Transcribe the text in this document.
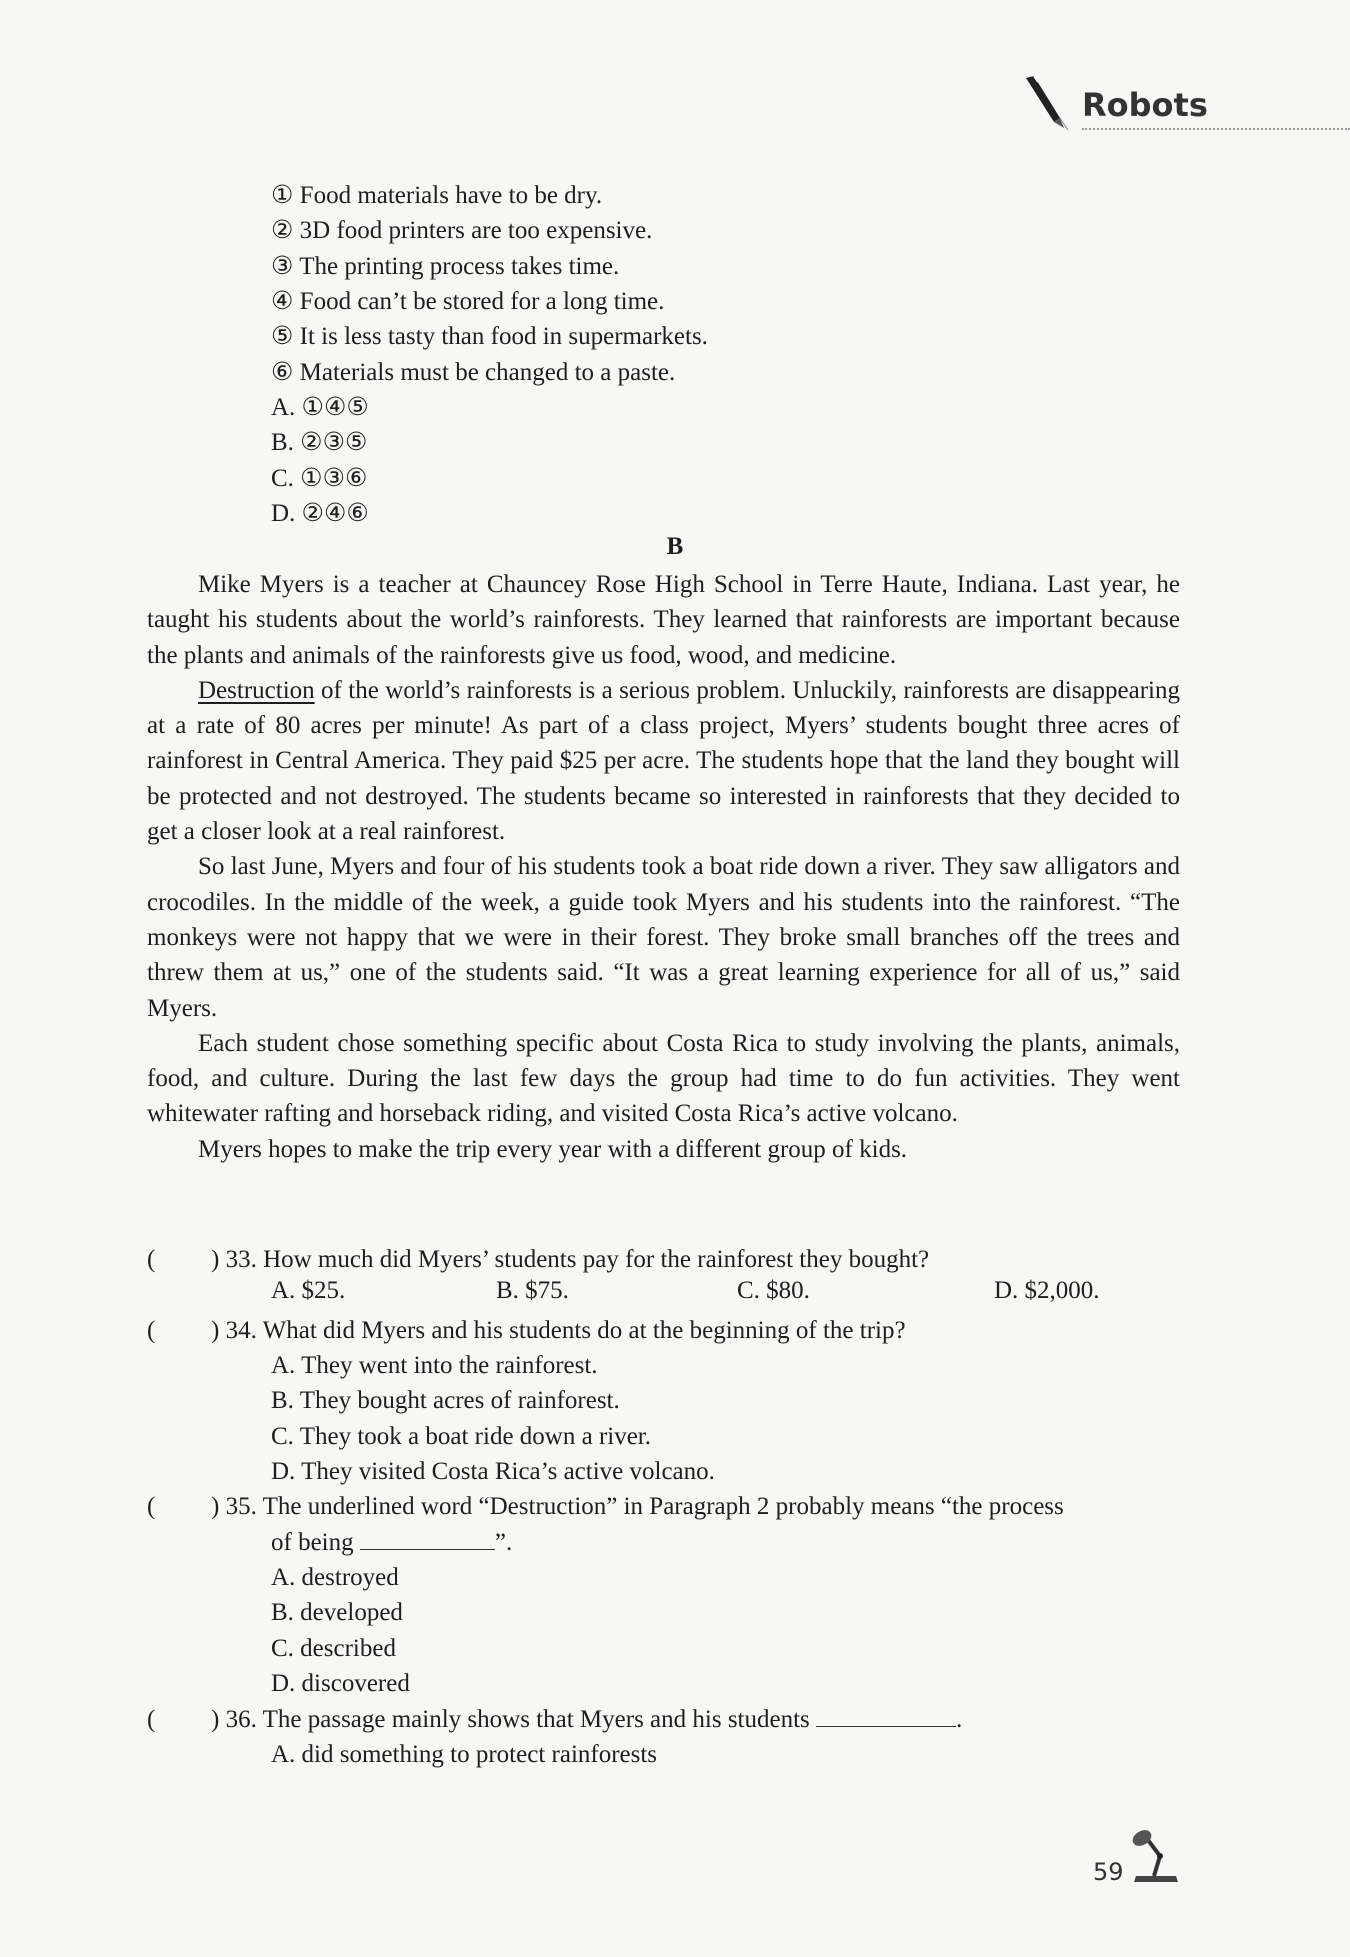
Robots
① Food materials have to be dry.
② 3D food printers are too expensive.
③ The printing process takes time.
④ Food can’t be stored for a long time.
⑤ It is less tasty than food in supermarkets.
⑥ Materials must be changed to a paste.
A. ①④⑤
B. ②③⑤
C. ①③⑥
D. ②④⑥
B

Mike Myers is a teacher at Chauncey Rose High School in Terre Haute, Indiana. Last year, he taught his students about the world’s rainforests. They learned that rainforests are important because the plants and animals of the rainforests give us food, wood, and medicine.

Destruction of the world’s rainforests is a serious problem. Unluckily, rainforests are disappearing at a rate of 80 acres per minute! As part of a class project, Myers’ students bought three acres of rainforest in Central America. They paid $25 per acre. The students hope that the land they bought will be protected and not destroyed. The students became so interested in rainforests that they decided to get a closer look at a real rainforest.

So last June, Myers and four of his students took a boat ride down a river. They saw alligators and crocodiles. In the middle of the week, a guide took Myers and his students into the rainforest. “The monkeys were not happy that we were in their forest. They broke small branches off the trees and threw them at us,” one of the students said. “It was a great learning experience for all of us,” said Myers.

Each student chose something specific about Costa Rica to study involving the plants, animals, food, and culture. During the last few days the group had time to do fun activities. They went whitewater rafting and horseback riding, and visited Costa Rica’s active volcano.

Myers hopes to make the trip every year with a different group of kids.

( ) 33. How much did Myers’ students pay for the rainforest they bought?
A. $25.	B. $75.	C. $80.	D. $2,000.
( ) 34. What did Myers and his students do at the beginning of the trip?
A. They went into the rainforest.
B. They bought acres of rainforest.
C. They took a boat ride down a river.
D. They visited Costa Rica’s active volcano.
( ) 35. The underlined word “Destruction” in Paragraph 2 probably means “the process
of being	”.
A. destroyed
B. developed
C. described
D. discovered
( ) 36. The passage mainly shows that Myers and his students	.
A. did something to protect rainforests
59
